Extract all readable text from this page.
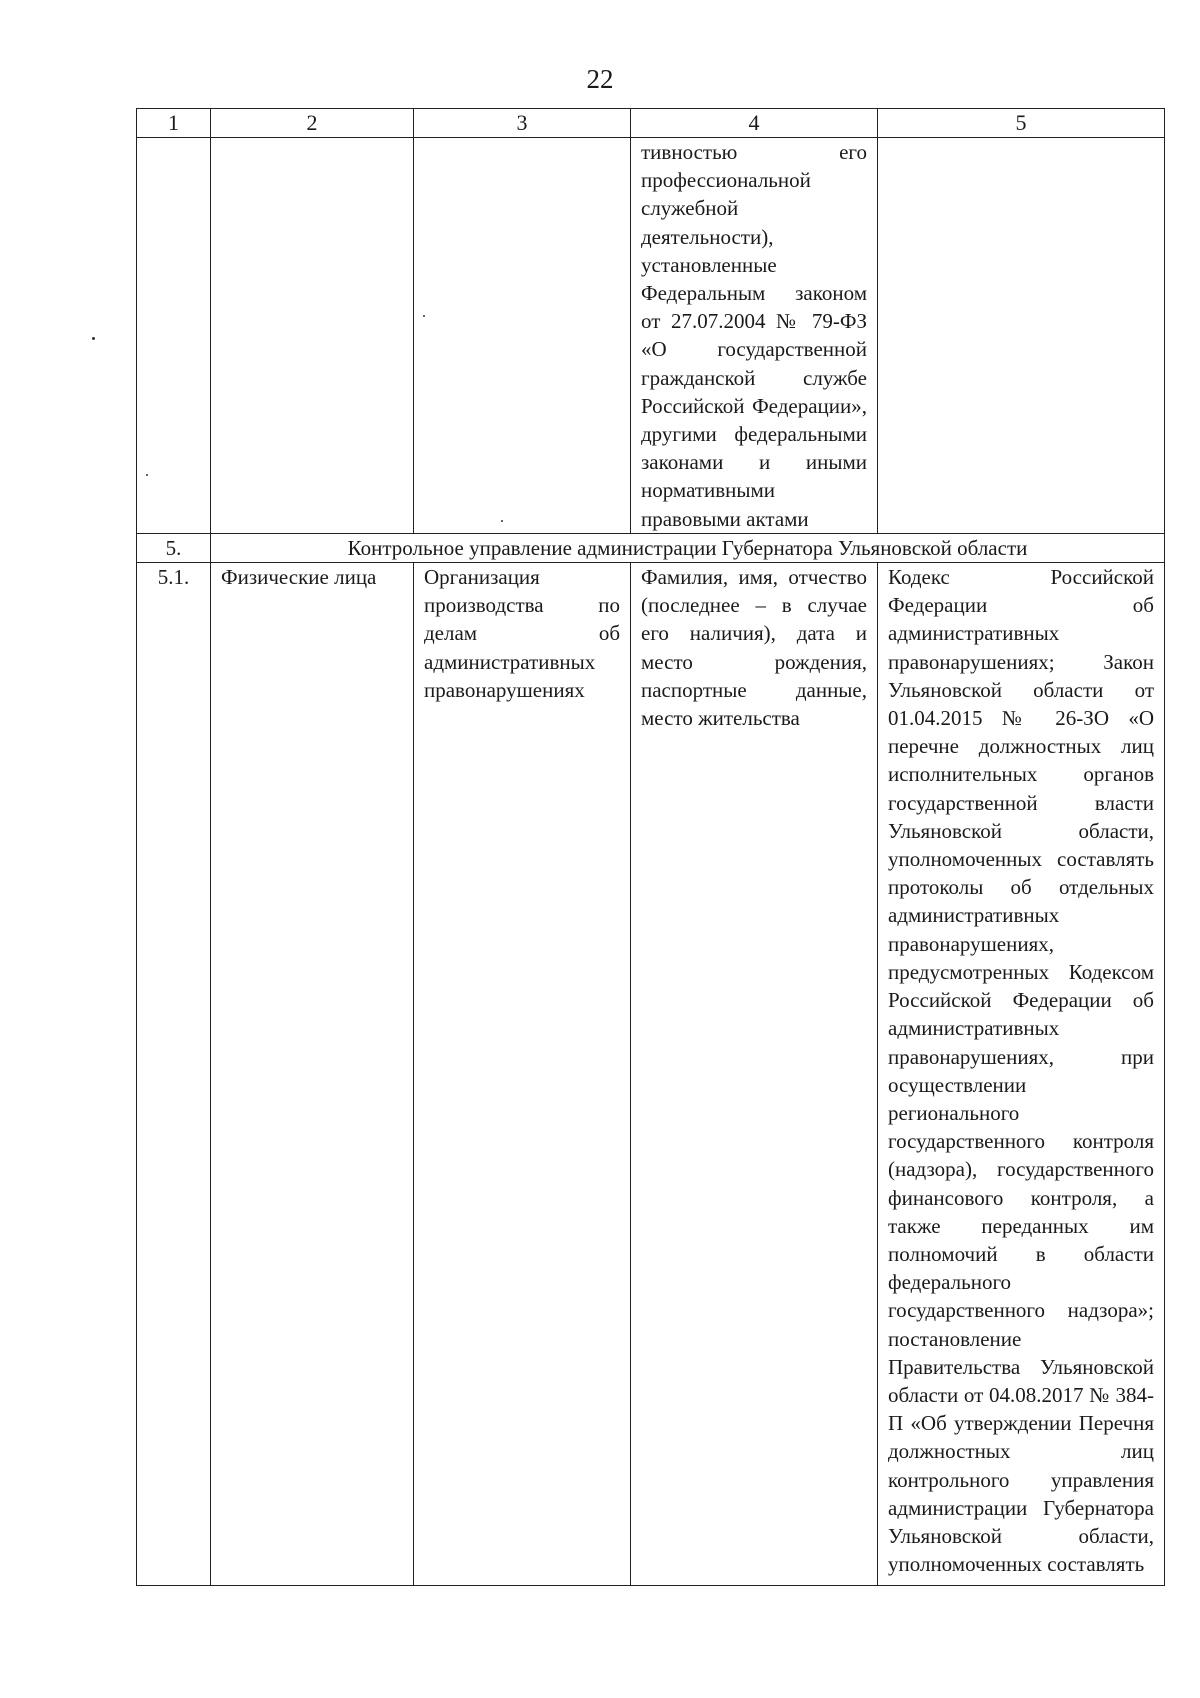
22
1	2	3	4	5
			тивностью его профессиональной служебной деятельности), установленные Федеральным законом от 27.07.2004 № 79-ФЗ «О государственной гражданской службе Российской Федерации», другими федеральными законами и иными нормативными правовыми актами	
5.	Контрольное управление администрации Губернатора Ульяновской области			
5.1.	Физические лица	Организация производства по делам об административных правонарушениях	Фамилия, имя, отчество (последнее – в случае его наличия), дата и место рождения, паспортные данные, место жительства	Кодекс Российской Федерации об административных правонарушениях; Закон Ульяновской области от 01.04.2015 № 26-ЗО «О перечне должностных лиц исполнительных органов государственной власти Ульяновской области, уполномоченных составлять протоколы об отдельных административных правонарушениях, предусмотренных Кодексом Российской Федерации об административных правонарушениях, при осуществлении регионального государственного контроля (надзора), государственного финансового контроля, а также переданных им полномочий в области федерального государственного надзора»; постановление Правительства Ульяновской области от 04.08.2017 № 384-П «Об утверждении Перечня должностных лиц контрольного управления администрации Губернатора Ульяновской области, уполномоченных составлять
